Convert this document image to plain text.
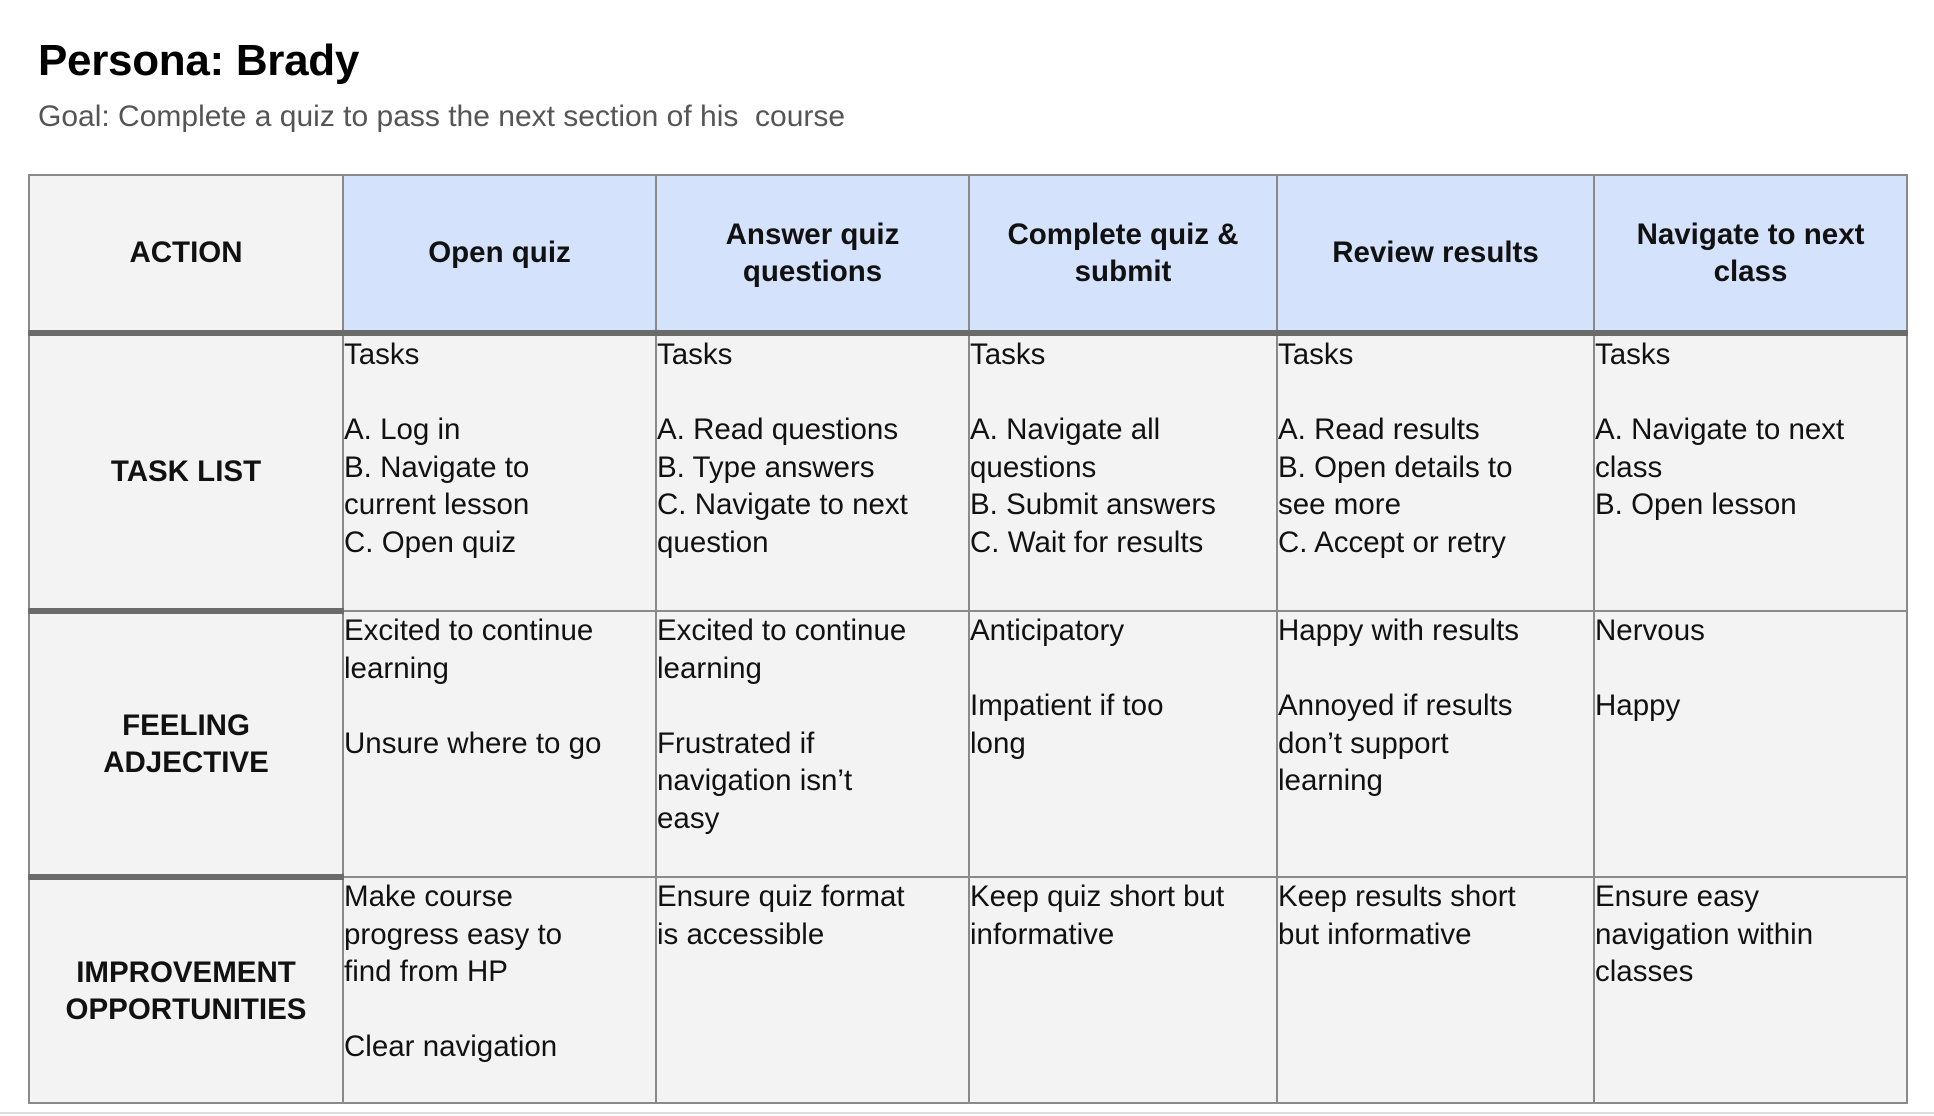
Persona: Brady

Goal: Complete a quiz to pass the next section of his  course

ACTION	Open quiz	Answer quiz
questions	Complete quiz &
submit	Review results	Navigate to next
class

TASK LIST	Tasks
A. Log in
B. Navigate to
current lesson
C. Open quiz	Tasks
A. Read questions
B. Type answers
C. Navigate to next
question	Tasks
A. Navigate all
questions
B. Submit answers
C. Wait for results	Tasks
A. Read results
B. Open details to
see more
C. Accept or retry	Tasks
A. Navigate to next
class
B. Open lesson

FEELING
ADJECTIVE	Excited to continue
learning
Unsure where to go	Excited to continue
learning
Frustrated if
navigation isn’t
easy	Anticipatory
Impatient if too
long	Happy with results
Annoyed if results
don’t support
learning	Nervous
Happy

IMPROVEMENT
OPPORTUNITIES	Make course
progress easy to
find from HP
Clear navigation	Ensure quiz format
is accessible	Keep quiz short but
informative	Keep results short
but informative	Ensure easy
navigation within
classes
